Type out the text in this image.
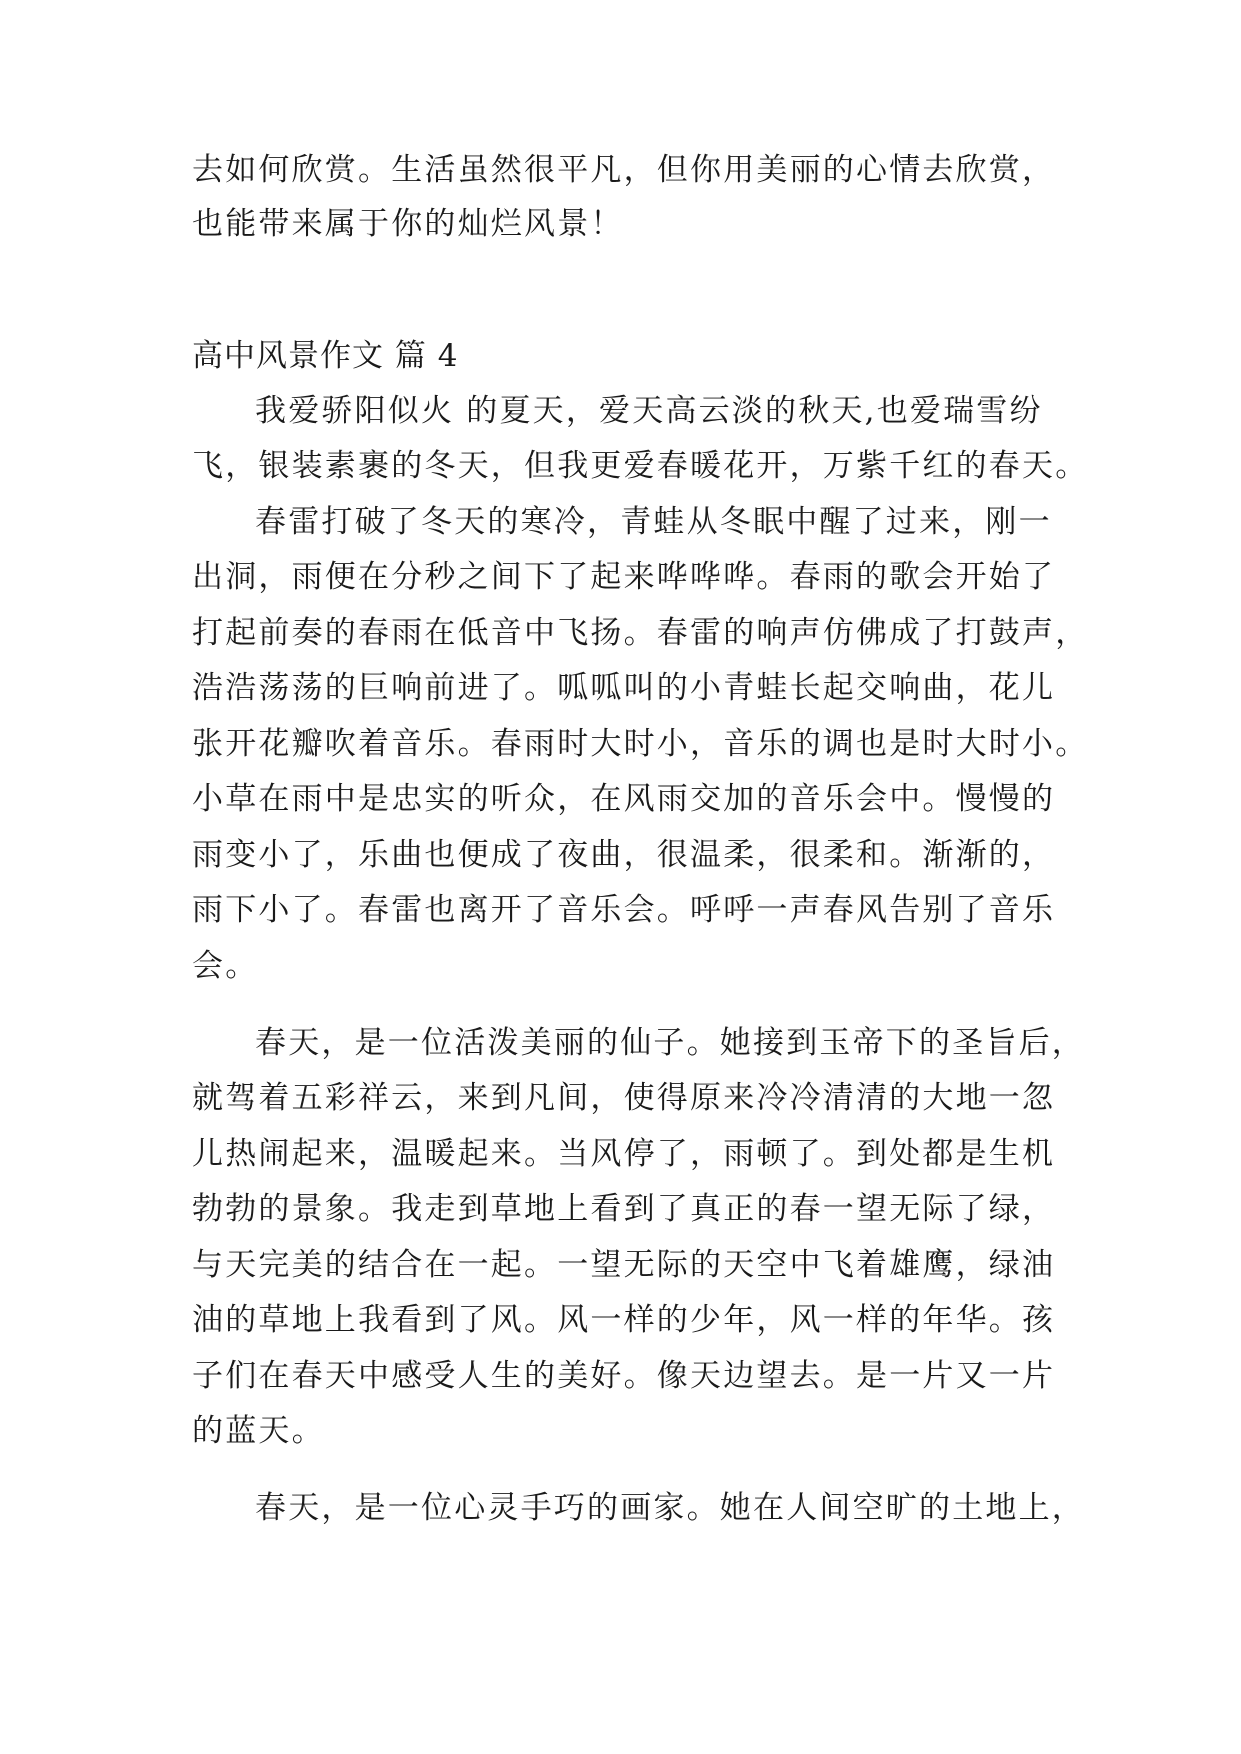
去如何欣赏。生活虽然很平凡，但你用美丽的心情去欣赏，
也能带来属于你的灿烂风景！
高中风景作文 篇 4
我爱骄阳似火 的夏天，爱天高云淡的秋天,也爱瑞雪纷
飞，银装素裹的冬天，但我更爱春暖花开，万紫千红的春天。
春雷打破了冬天的寒冷，青蛙从冬眠中醒了过来，刚一
出洞，雨便在分秒之间下了起来哗哗哗。春雨的歌会开始了
打起前奏的春雨在低音中飞扬。春雷的响声仿佛成了打鼓声，
浩浩荡荡的巨响前进了。呱呱叫的小青蛙长起交响曲，花儿
张开花瓣吹着音乐。春雨时大时小，音乐的调也是时大时小。
小草在雨中是忠实的听众，在风雨交加的音乐会中。慢慢的
雨变小了，乐曲也便成了夜曲，很温柔，很柔和。渐渐的，
雨下小了。春雷也离开了音乐会。呼呼一声春风告别了音乐
会。
春天，是一位活泼美丽的仙子。她接到玉帝下的圣旨后，
就驾着五彩祥云，来到凡间，使得原来冷冷清清的大地一忽
儿热闹起来，温暖起来。当风停了，雨顿了。到处都是生机
勃勃的景象。我走到草地上看到了真正的春一望无际了绿，
与天完美的结合在一起。一望无际的天空中飞着雄鹰，绿油
油的草地上我看到了风。风一样的少年，风一样的年华。孩
子们在春天中感受人生的美好。像天边望去。是一片又一片
的蓝天。
春天，是一位心灵手巧的画家。她在人间空旷的土地上，
